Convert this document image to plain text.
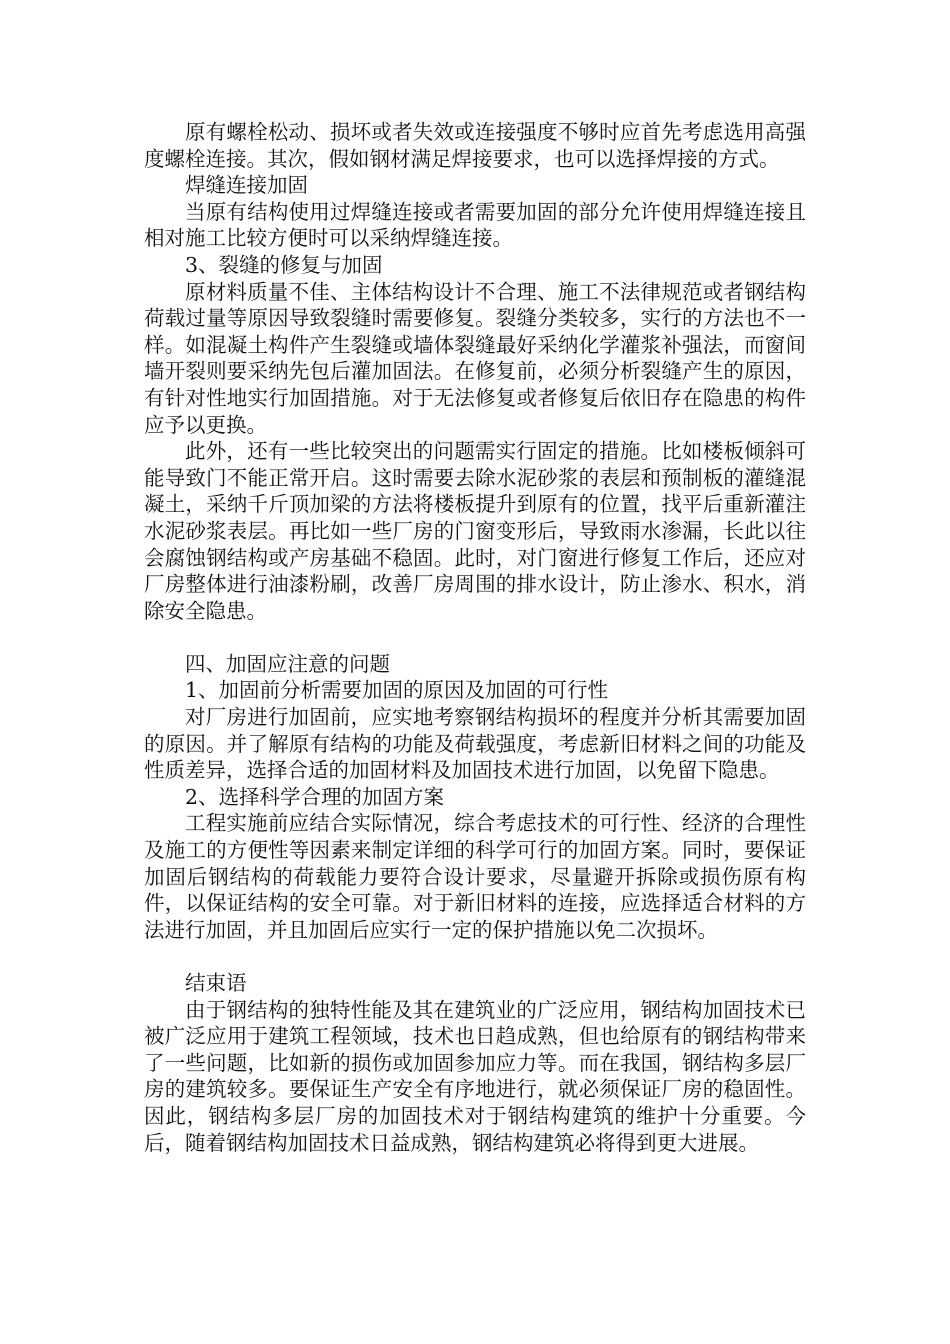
原有螺栓松动、损坏或者失效或连接强度不够时应首先考虑选用高强度螺栓连接。其次，假如钢材满足焊接要求，也可以选择焊接的方式。

焊缝连接加固

当原有结构使用过焊缝连接或者需要加固的部分允许使用焊缝连接且相对施工比较方便时可以采纳焊缝连接。

3、裂缝的修复与加固

原材料质量不佳、主体结构设计不合理、施工不法律规范或者钢结构荷载过量等原因导致裂缝时需要修复。裂缝分类较多，实行的方法也不一样。如混凝土构件产生裂缝或墙体裂缝最好采纳化学灌浆补强法，而窗间墙开裂则要采纳先包后灌加固法。在修复前，必须分析裂缝产生的原因，有针对性地实行加固措施。对于无法修复或者修复后依旧存在隐患的构件应予以更换。

此外，还有一些比较突出的问题需实行固定的措施。比如楼板倾斜可能导致门不能正常开启。这时需要去除水泥砂浆的表层和预制板的灌缝混凝土，采纳千斤顶加梁的方法将楼板提升到原有的位置，找平后重新灌注水泥砂浆表层。再比如一些厂房的门窗变形后，导致雨水渗漏，长此以往会腐蚀钢结构或产房基础不稳固。此时，对门窗进行修复工作后，还应对厂房整体进行油漆粉刷，改善厂房周围的排水设计，防止渗水、积水，消除安全隐患。

四、加固应注意的问题

1、加固前分析需要加固的原因及加固的可行性

对厂房进行加固前，应实地考察钢结构损坏的程度并分析其需要加固的原因。并了解原有结构的功能及荷载强度，考虑新旧材料之间的功能及性质差异，选择合适的加固材料及加固技术进行加固，以免留下隐患。

2、选择科学合理的加固方案

工程实施前应结合实际情况，综合考虑技术的可行性、经济的合理性及施工的方便性等因素来制定详细的科学可行的加固方案。同时，要保证加固后钢结构的荷载能力要符合设计要求，尽量避开拆除或损伤原有构件，以保证结构的安全可靠。对于新旧材料的连接，应选择适合材料的方法进行加固，并且加固后应实行一定的保护措施以免二次损坏。

结束语

由于钢结构的独特性能及其在建筑业的广泛应用，钢结构加固技术已被广泛应用于建筑工程领域，技术也日趋成熟，但也给原有的钢结构带来了一些问题，比如新的损伤或加固参加应力等。而在我国，钢结构多层厂房的建筑较多。要保证生产安全有序地进行，就必须保证厂房的稳固性。因此，钢结构多层厂房的加固技术对于钢结构建筑的维护十分重要。今后，随着钢结构加固技术日益成熟，钢结构建筑必将得到更大进展。
